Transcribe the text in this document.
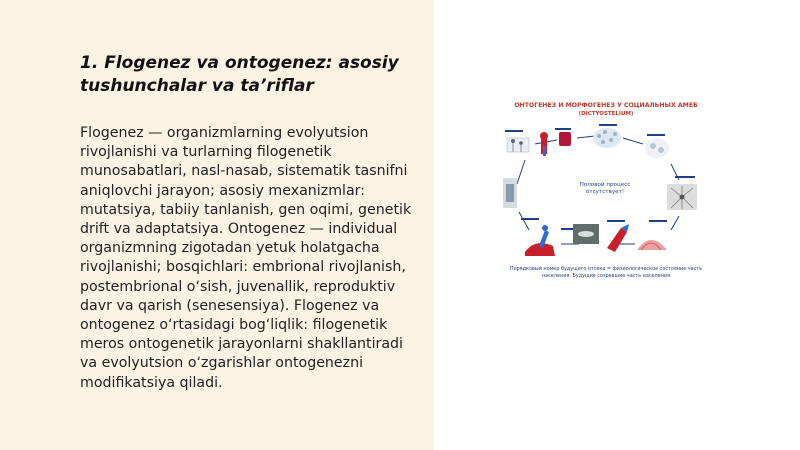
1. Flogenez va ontogenez: asosiy tushunchalar va ta’riflar

Flogenez — organizmlarning evolyutsion rivojlanishi va turlarning filogenetik munosabatlari, nasl-nasab, sistematik tasnifni aniqlovchi jarayon; asosiy mexanizmlar: mutatsiya, tabiiy tanlanish, gen oqimi, genetik drift va adaptatsiya. Ontogenez — individual organizmning zigotadan yetuk holatgacha rivojlanishi; bosqichlari: embrional rivojlanish, postembrional o‘sish, juvenallik, reproduktiv davr va qarish (senesensiya). Flogenez va ontogenez o‘rtasidagi bog‘liqlik: filogenetik meros ontogenetik jarayonlarni shakllantiradi va evolyutsion o‘zgarishlar ontogenezni modifikatsiya qiladi.

ОНТОГЕНЕЗ И МОРФОГЕНЕЗ У СОЦИАЛЬНЫХ АМЕБ
(DICTYOSTELIUM)
Половой процесс отсутствует!
Порядковый номер будущего отсека = физиологическое состояние часть населения. Будущие созревшие часть населения
